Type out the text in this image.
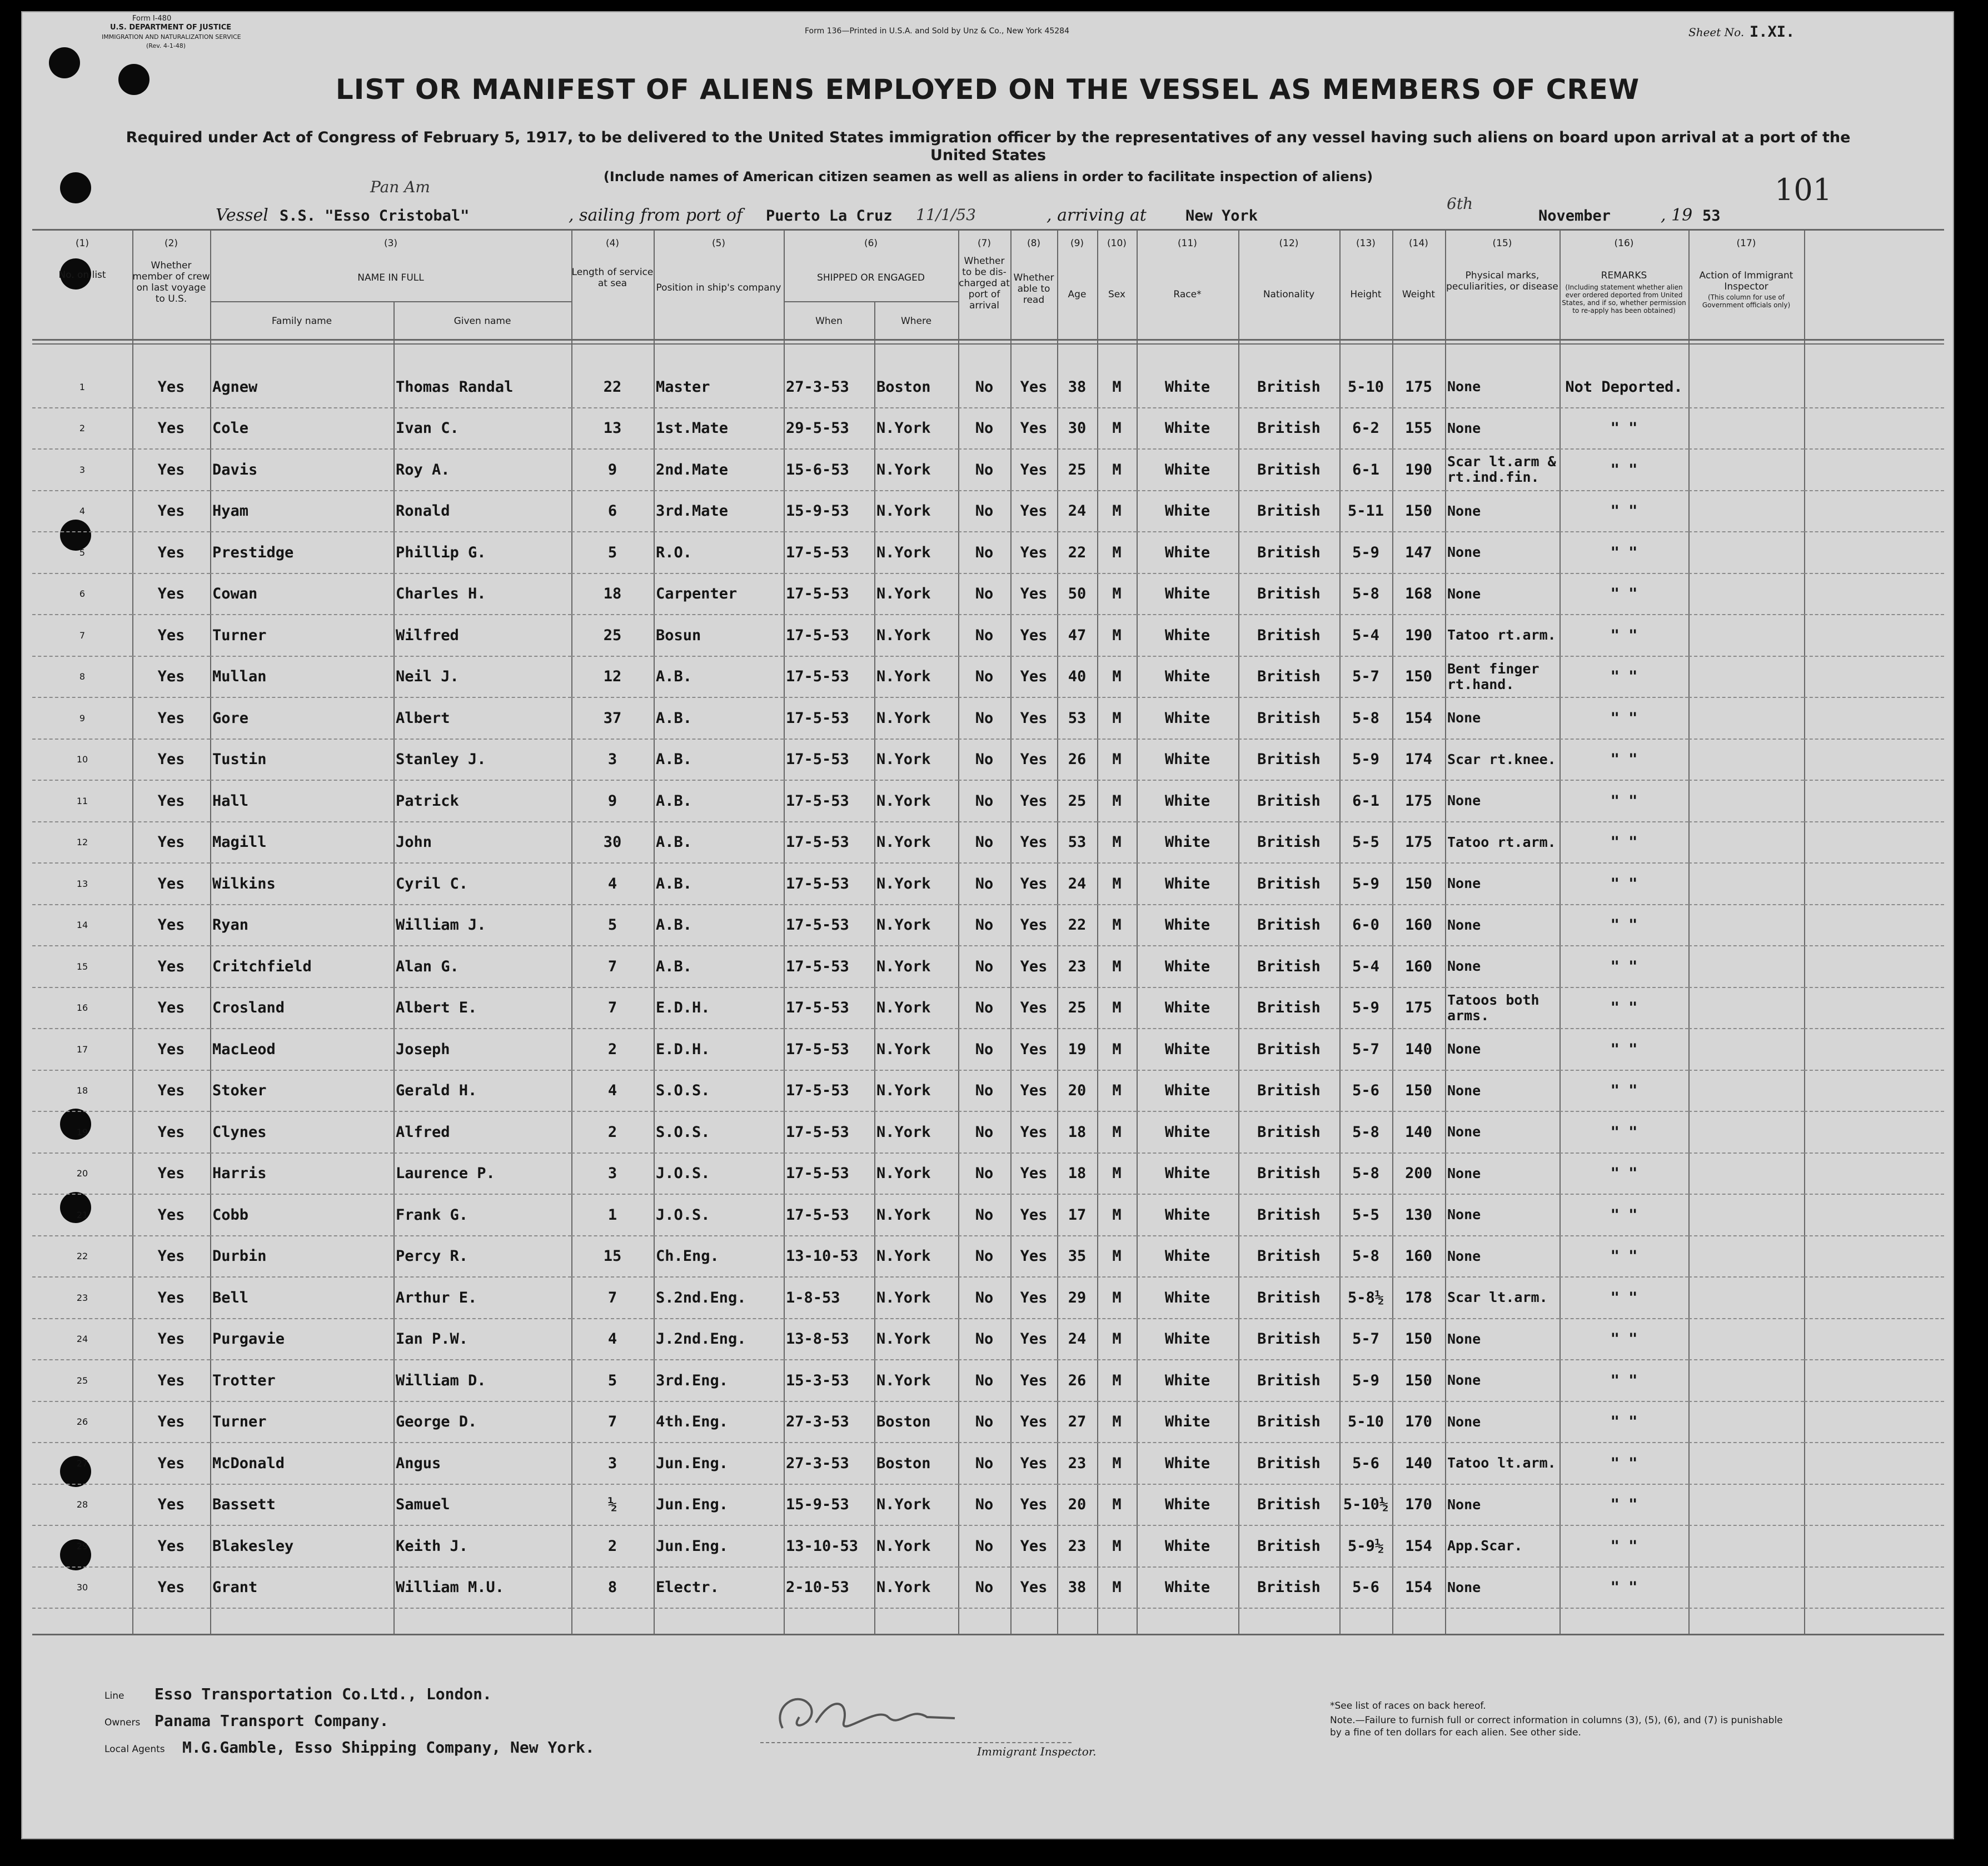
Form I-480
U.S. DEPARTMENT OF JUSTICE
IMMIGRATION AND NATURALIZATION SERVICE
(Rev. 4-1-48)
Form 136—Printed in U.S.A. and Sold by Unz & Co., New York 45284	Sheet No. I.XI.
LIST OR MANIFEST OF ALIENS EMPLOYED ON THE VESSEL AS MEMBERS OF CREW
Required under Act of Congress of February 5, 1917, to be delivered to the United States immigration officer by the representatives of any vessel having such aliens on board upon arrival at a port of the United States
(Include names of American citizen seamen as well as aliens in order to facilitate inspection of aliens)	101
Vessel
Pan Am
S.S. "Esso Cristobal"	, sailing from port of Puerto La Cruz 11/1/53	, arriving at	New York
6th
November	, 19 53
(1)	(2)	(3)	(4)	(5)	(6)	(7)	(8)	(9)	(10)	(11)	(12)	(13)	(14)	(15)	(16)	(17)
No. on list
Whether member of crew on last voyage to U.S.
NAME IN FULL
Family name	Given name
Length of service at sea	Position in ship's company
SHIPPED OR ENGAGED
When	Where
Whether to be dis-charged at port of arrival
Whether able to read	Age	Sex	Race*	Nationality	Height	Weight
Physical marks, peculiarities, or disease
REMARKS
(Including statement whether alien ever ordered deported from United States, and if so, whether permission to re-apply has been obtained)
Action of Immigrant Inspector
(This column for use of Government officials only)
1	Yes	Agnew	Thomas Randal	22	Master	27-3-53	Boston	No	Yes	38	M	White	British	5-10	175	None	Not Deported.		
2	Yes	Cole	Ivan C.	13	1st.Mate	29-5-53	N.York	No	Yes	30	M	White	British	6-2	155	None	" "		
3	Yes	Davis	Roy A.	9	2nd.Mate	15-6-53	N.York	No	Yes	25	M	White	British	6-1	190	Scar lt.arm & rt.ind.fin.	" "		
4	Yes	Hyam	Ronald	6	3rd.Mate	15-9-53	N.York	No	Yes	24	M	White	British	5-11	150	None	" "		
5	Yes	Prestidge	Phillip G.	5	R.O.	17-5-53	N.York	No	Yes	22	M	White	British	5-9	147	None	" "		
6	Yes	Cowan	Charles H.	18	Carpenter	17-5-53	N.York	No	Yes	50	M	White	British	5-8	168	None	" "		
7	Yes	Turner	Wilfred	25	Bosun	17-5-53	N.York	No	Yes	47	M	White	British	5-4	190	Tatoo rt.arm.	" "		
8	Yes	Mullan	Neil J.	12	A.B.	17-5-53	N.York	No	Yes	40	M	White	British	5-7	150	Bent finger rt.hand.	" "		
9	Yes	Gore	Albert	37	A.B.	17-5-53	N.York	No	Yes	53	M	White	British	5-8	154	None	" "		
10	Yes	Tustin	Stanley J.	3	A.B.	17-5-53	N.York	No	Yes	26	M	White	British	5-9	174	Scar rt.knee.	" "		
11	Yes	Hall	Patrick	9	A.B.	17-5-53	N.York	No	Yes	25	M	White	British	6-1	175	None	" "		
12	Yes	Magill	John	30	A.B.	17-5-53	N.York	No	Yes	53	M	White	British	5-5	175	Tatoo rt.arm.	" "		
13	Yes	Wilkins	Cyril C.	4	A.B.	17-5-53	N.York	No	Yes	24	M	White	British	5-9	150	None	" "		
14	Yes	Ryan	William J.	5	A.B.	17-5-53	N.York	No	Yes	22	M	White	British	6-0	160	None	" "		
15	Yes	Critchfield	Alan G.	7	A.B.	17-5-53	N.York	No	Yes	23	M	White	British	5-4	160	None	" "		
16	Yes	Crosland	Albert E.	7	E.D.H.	17-5-53	N.York	No	Yes	25	M	White	British	5-9	175	Tatoos both arms.	" "		
17	Yes	MacLeod	Joseph	2	E.D.H.	17-5-53	N.York	No	Yes	19	M	White	British	5-7	140	None	" "		
18	Yes	Stoker	Gerald H.	4	S.O.S.	17-5-53	N.York	No	Yes	20	M	White	British	5-6	150	None	" "		
19	Yes	Clynes	Alfred	2	S.O.S.	17-5-53	N.York	No	Yes	18	M	White	British	5-8	140	None	" "		
20	Yes	Harris	Laurence P.	3	J.O.S.	17-5-53	N.York	No	Yes	18	M	White	British	5-8	200	None	" "		
21	Yes	Cobb	Frank G.	1	J.O.S.	17-5-53	N.York	No	Yes	17	M	White	British	5-5	130	None	" "		
22	Yes	Durbin	Percy R.	15	Ch.Eng.	13-10-53	N.York	No	Yes	35	M	White	British	5-8	160	None	" "		
23	Yes	Bell	Arthur E.	7	S.2nd.Eng.	1-8-53	N.York	No	Yes	29	M	White	British	5-8½	178	Scar lt.arm.	" "		
24	Yes	Purgavie	Ian P.W.	4	J.2nd.Eng.	13-8-53	N.York	No	Yes	24	M	White	British	5-7	150	None	" "		
25	Yes	Trotter	William D.	5	3rd.Eng.	15-3-53	N.York	No	Yes	26	M	White	British	5-9	150	None	" "		
26	Yes	Turner	George D.	7	4th.Eng.	27-3-53	Boston	No	Yes	27	M	White	British	5-10	170	None	" "		
27	Yes	McDonald	Angus	3	Jun.Eng.	27-3-53	Boston	No	Yes	23	M	White	British	5-6	140	Tatoo lt.arm.	" "		
28	Yes	Bassett	Samuel	½	Jun.Eng.	15-9-53	N.York	No	Yes	20	M	White	British	5-10½	170	None	" "		
29	Yes	Blakesley	Keith J.	2	Jun.Eng.	13-10-53	N.York	No	Yes	23	M	White	British	5-9½	154	App.Scar.	" "		
30	Yes	Grant	William M.U.	8	Electr.	2-10-53	N.York	No	Yes	38	M	White	British	5-6	154	None	" "		
Line Esso Transportation Co.Ltd., London.
Owners Panama Transport Company.
Local Agents M.G.Gamble, Esso Shipping Company, New York.	Immigrant Inspector.
*See list of races on back hereof.
Note.—Failure to furnish full or correct information in columns (3), (5), (6), and (7) is punishable by a fine of ten dollars for each alien. See other side.
